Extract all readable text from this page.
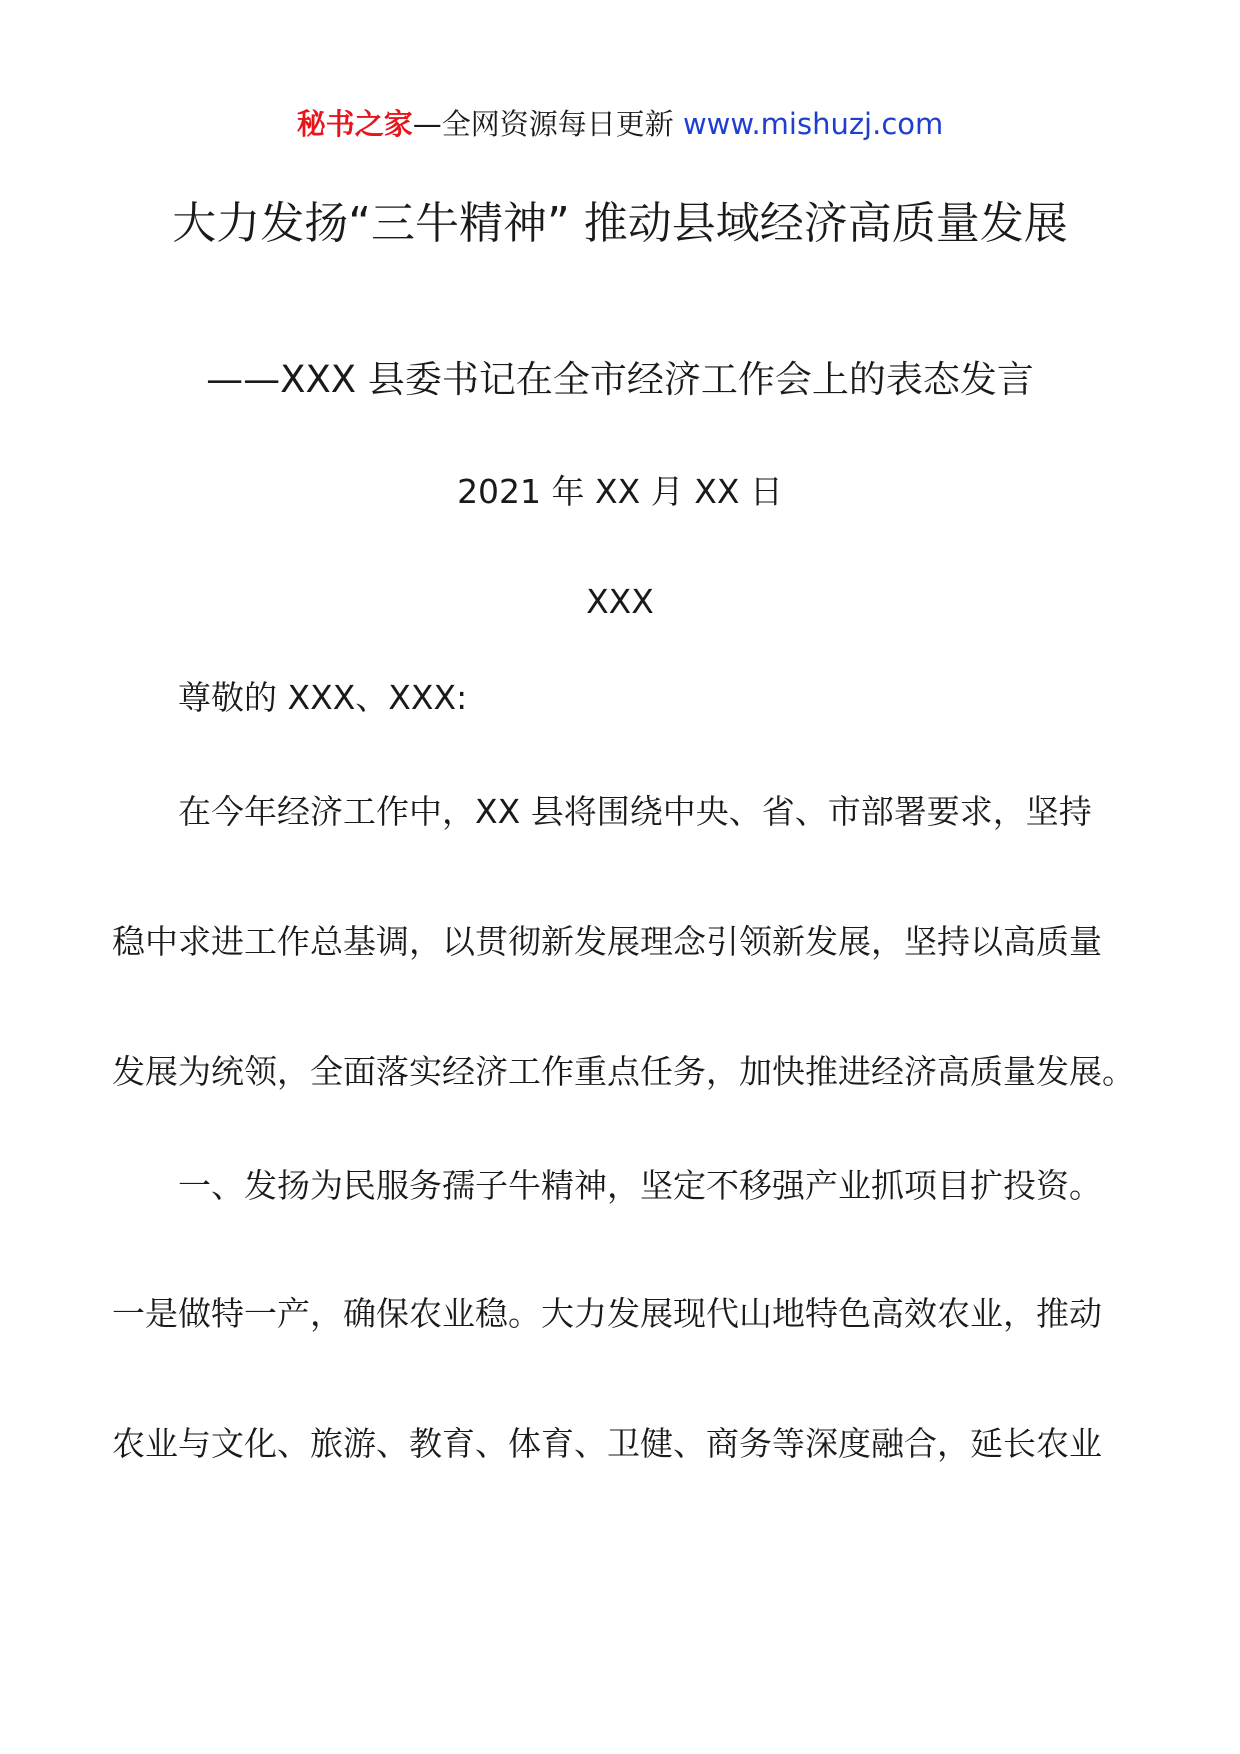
秘书之家—全网资源每日更新 www.mishuzj.com
大力发扬“三牛精神” 推动县域经济高质量发展
——XXX 县委书记在全市经济工作会上的表态发言
2021 年 XX 月 XX 日
XXX
尊敬的 XXX、XXX:
在今年经济工作中，XX 县将围绕中央、省、市部署要求，坚持
稳中求进工作总基调，以贯彻新发展理念引领新发展，坚持以高质量
发展为统领，全面落实经济工作重点任务，加快推进经济高质量发展。
一、发扬为民服务孺子牛精神，坚定不移强产业抓项目扩投资。
一是做特一产，确保农业稳。大力发展现代山地特色高效农业，推动
农业与文化、旅游、教育、体育、卫健、商务等深度融合，延长农业
